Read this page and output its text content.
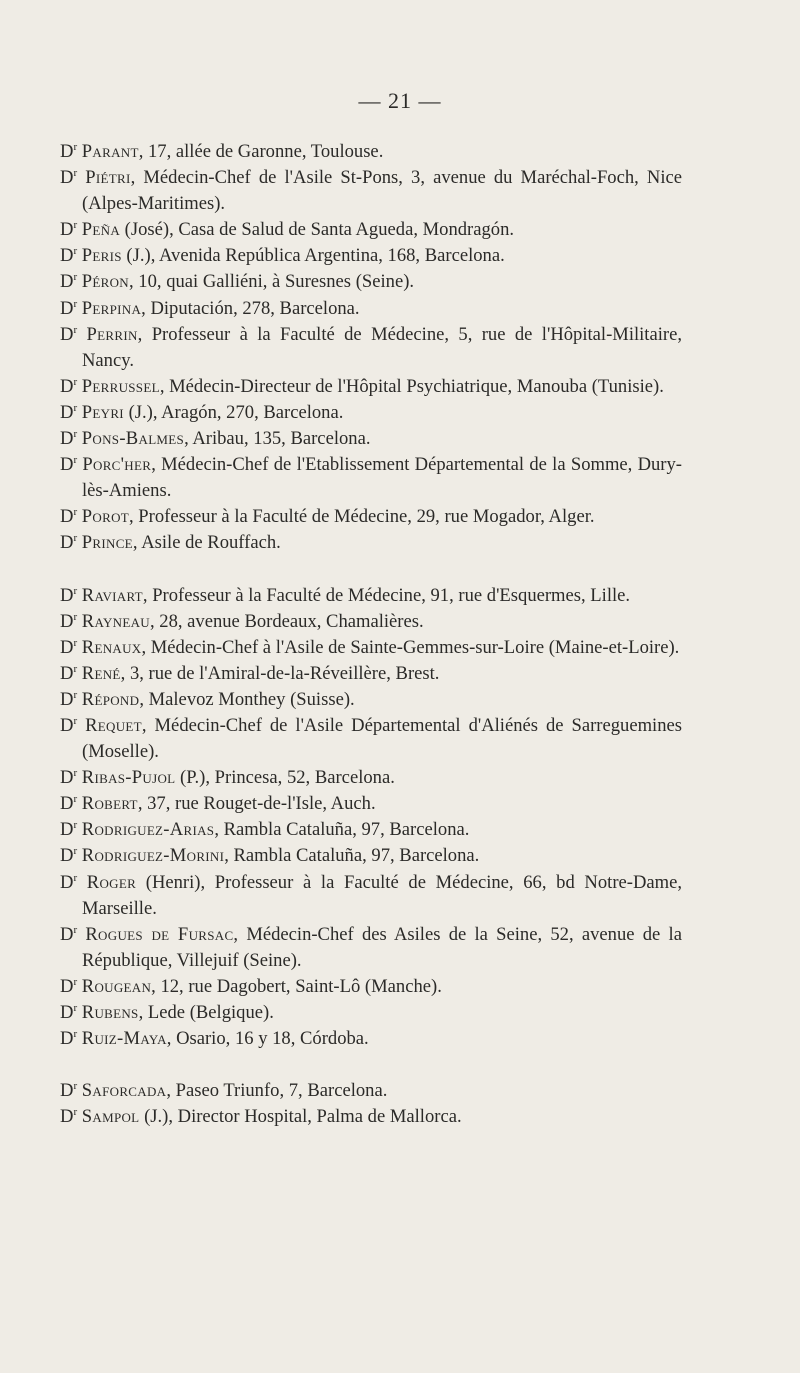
— 21 —
$D^r$ Parant, 17, allée de Garonne, Toulouse.
$D^r$ Piétri, Médecin-Chef de l'Asile St-Pons, 3, avenue du Maréchal-Foch, Nice (Alpes-Maritimes).
$D^r$ Peña (José), Casa de Salud de Santa Agueda, Mondragón.
$D^r$ Peris (J.), Avenida República Argentina, 168, Barcelona.
$D^r$ Péron, 10, quai Galliéni, à Suresnes (Seine).
$D^r$ Perpina, Diputación, 278, Barcelona.
$D^r$ Perrin, Professeur à la Faculté de Médecine, 5, rue de l'Hôpital-Militaire, Nancy.
$D^r$ Perrussel, Médecin-Directeur de l'Hôpital Psychiatrique, Manouba (Tunisie).
$D^r$ Peyri (J.), Aragón, 270, Barcelona.
$D^r$ Pons-Balmes, Aribau, 135, Barcelona.
$D^r$ Porc'her, Médecin-Chef de l'Etablissement Départemental de la Somme, Dury-lès-Amiens.
$D^r$ Porot, Professeur à la Faculté de Médecine, 29, rue Mogador, Alger.
$D^r$ Prince, Asile de Rouffach.
$D^r$ Raviart, Professeur à la Faculté de Médecine, 91, rue d'Esquermes, Lille.
$D^r$ Rayneau, 28, avenue Bordeaux, Chamalières.
$D^r$ Renaux, Médecin-Chef à l'Asile de Sainte-Gemmes-sur-Loire (Maine-et-Loire).
$D^r$ René, 3, rue de l'Amiral-de-la-Réveillère, Brest.
$D^r$ Répond, Malevoz Monthey (Suisse).
$D^r$ Requet, Médecin-Chef de l'Asile Départemental d'Aliénés de Sarreguemines (Moselle).
$D^r$ Ribas-Pujol (P.), Princesa, 52, Barcelona.
$D^r$ Robert, 37, rue Rouget-de-l'Isle, Auch.
$D^r$ Rodriguez-Arias, Rambla Cataluña, 97, Barcelona.
$D^r$ Rodriguez-Morini, Rambla Cataluña, 97, Barcelona.
$D^r$ Roger (Henri), Professeur à la Faculté de Médecine, 66, bd Notre-Dame, Marseille.
$D^r$ Rogues de Fursac, Médecin-Chef des Asiles de la Seine, 52, avenue de la République, Villejuif (Seine).
$D^r$ Rougean, 12, rue Dagobert, Saint-Lô (Manche).
$D^r$ Rubens, Lede (Belgique).
$D^r$ Ruiz-Maya, Osario, 16 y 18, Córdoba.
$D^r$ Saforcada, Paseo Triunfo, 7, Barcelona.
$D^r$ Sampol (J.), Director Hospital, Palma de Mallorca.
